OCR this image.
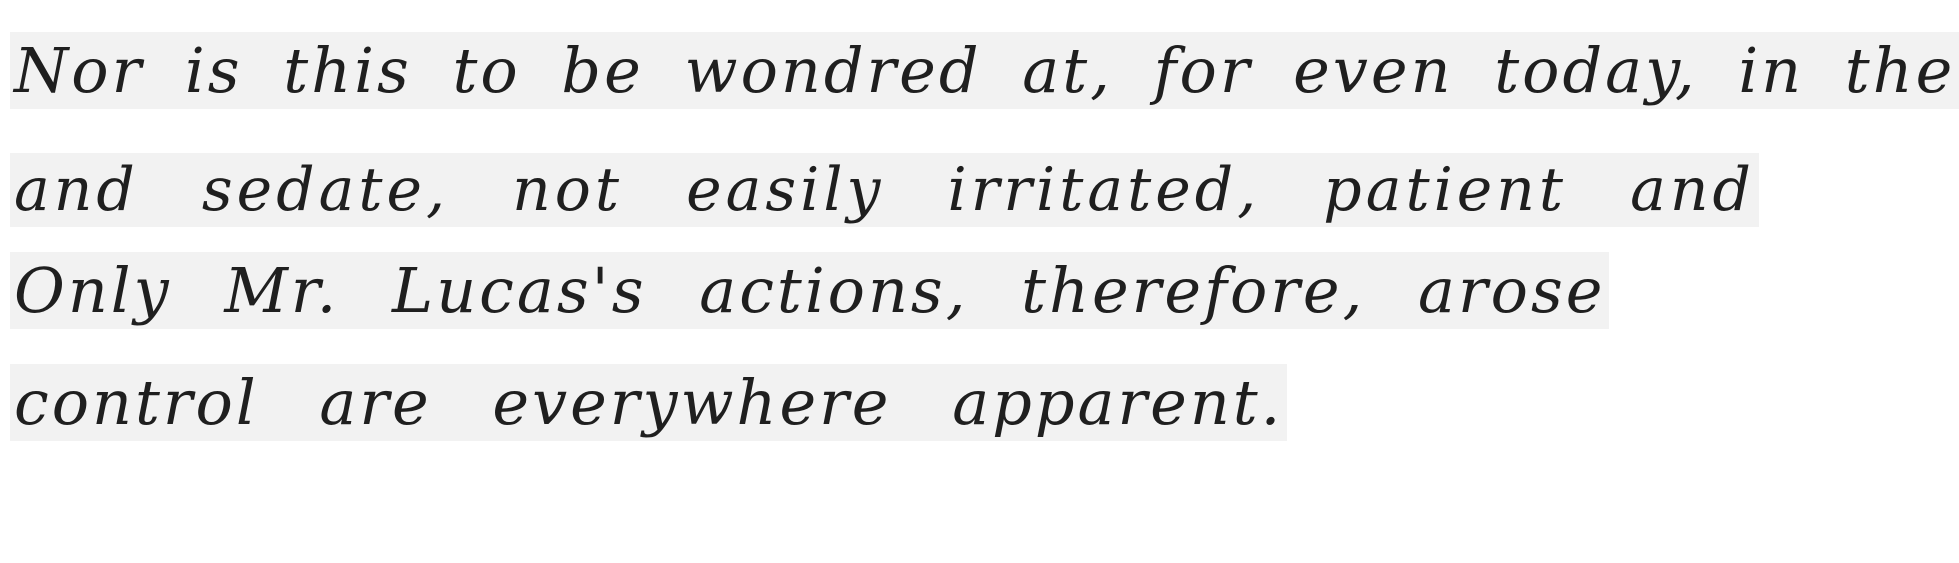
Nor is this to be wondred at, for even today, in the
and sedate, not easily irritated, patient and
Only Mr. Lucas's actions, therefore, arose
control are everywhere apparent.
